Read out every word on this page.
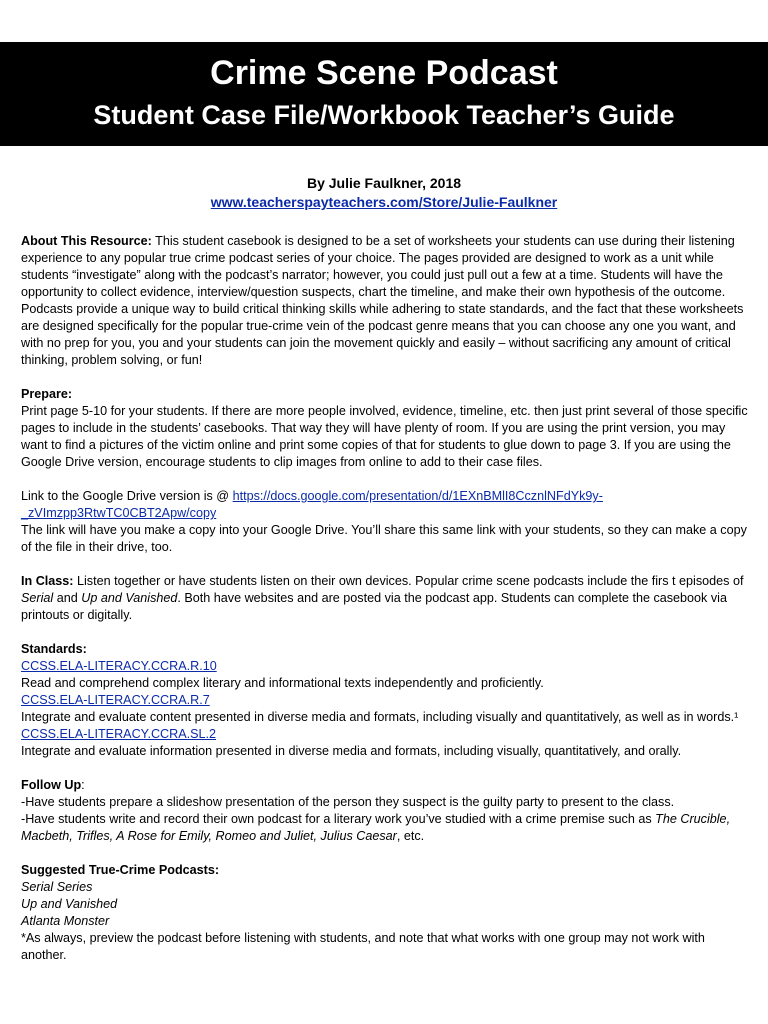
Crime Scene Podcast
Student Case File/Workbook Teacher’s Guide
By Julie Faulkner, 2018
www.teacherspayteachers.com/Store/Julie-Faulkner

About This Resource: This student casebook is designed to be a set of worksheets your students can use during their listening experience to any popular true crime podcast series of your choice. The pages provided are designed to work as a unit while students “investigate” along with the podcast’s narrator; however, you could just pull out a few at a time. Students will have the opportunity to collect evidence, interview/question suspects, chart the timeline, and make their own hypothesis of the outcome. Podcasts provide a unique way to build critical thinking skills while adhering to state standards, and the fact that these worksheets are designed specifically for the popular true-crime vein of the podcast genre means that you can choose any one you want, and with no prep for you, you and your students can join the movement quickly and easily – without sacrificing any amount of critical thinking, problem solving, or fun!

Prepare:

Print page 5-10 for your students. If there are more people involved, evidence, timeline, etc. then just print several of those specific pages to include in the students’ casebooks. That way they will have plenty of room. If you are using the print version, you may want to find a pictures of the victim online and print some copies of that for students to glue down to page 3. If you are using the Google Drive version, encourage students to clip images from online to add to their case files.

Link to the Google Drive version is @ https://docs.google.com/presentation/d/1EXnBMlI8CcznlNFdYk9y-_zVImzpp3RtwTC0CBT2Apw/copy

The link will have you make a copy into your Google Drive. You’ll share this same link with your students, so they can make a copy of the file in their drive, too.

In Class: Listen together or have students listen on their own devices. Popular crime scene podcasts include the firs t episodes of Serial and Up and Vanished. Both have websites and are posted via the podcast app. Students can complete the casebook via printouts or digitally.

Standards:

CCSS.ELA-LITERACY.CCRA.R.10

Read and comprehend complex literary and informational texts independently and proficiently.

CCSS.ELA-LITERACY.CCRA.R.7

Integrate and evaluate content presented in diverse media and formats, including visually and quantitatively, as well as in words.¹

CCSS.ELA-LITERACY.CCRA.SL.2

Integrate and evaluate information presented in diverse media and formats, including visually, quantitatively, and orally.

Follow Up:

-Have students prepare a slideshow presentation of the person they suspect is the guilty party to present to the class.

-Have students write and record their own podcast for a literary work you’ve studied with a crime premise such as The Crucible, Macbeth, Trifles, A Rose for Emily, Romeo and Juliet, Julius Caesar, etc.

Suggested True-Crime Podcasts:

Serial Series

Up and Vanished

Atlanta Monster

*As always, preview the podcast before listening with students, and note that what works with one group may not work with another.
